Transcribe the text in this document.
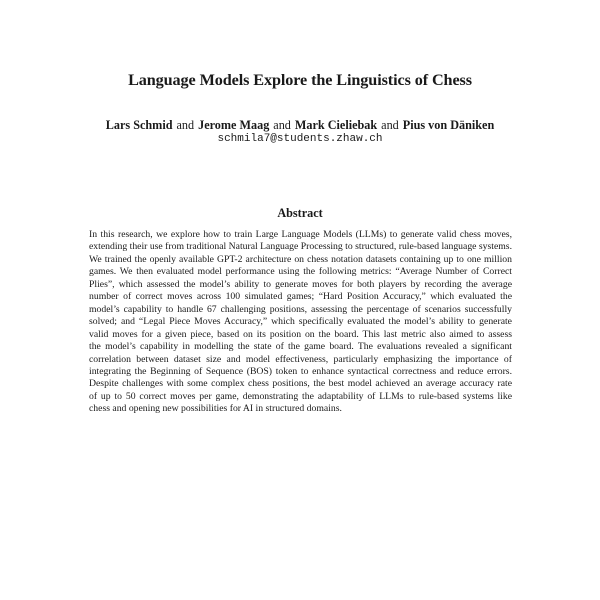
Language Models Explore the Linguistics of Chess
Lars Schmid and Jerome Maag and Mark Cieliebak and Pius von Däniken
schmila7@students.zhaw.ch
Abstract
In this research, we explore how to train Large Language Models (LLMs) to generate valid chess moves,
extending their use from traditional Natural Language Processing to structured, rule-based language systems.
We trained the openly available GPT-2 architecture on chess notation datasets containing up to one million
games. We then evaluated model performance using the following metrics: “Average Number of Correct
Plies”, which assessed the model’s ability to generate moves for both players by recording the average
number of correct moves across 100 simulated games; “Hard Position Accuracy,” which evaluated the
model’s capability to handle 67 challenging positions, assessing the percentage of scenarios successfully
solved; and “Legal Piece Moves Accuracy,” which specifically evaluated the model’s ability to generate
valid moves for a given piece, based on its position on the board. This last metric also aimed to assess
the model’s capability in modelling the state of the game board. The evaluations revealed a significant
correlation between dataset size and model effectiveness, particularly emphasizing the importance of
integrating the Beginning of Sequence (BOS) token to enhance syntactical correctness and reduce errors.
Despite challenges with some complex chess positions, the best model achieved an average accuracy rate
of up to 50 correct moves per game, demonstrating the adaptability of LLMs to rule-based systems like
chess and opening new possibilities for AI in structured domains.
